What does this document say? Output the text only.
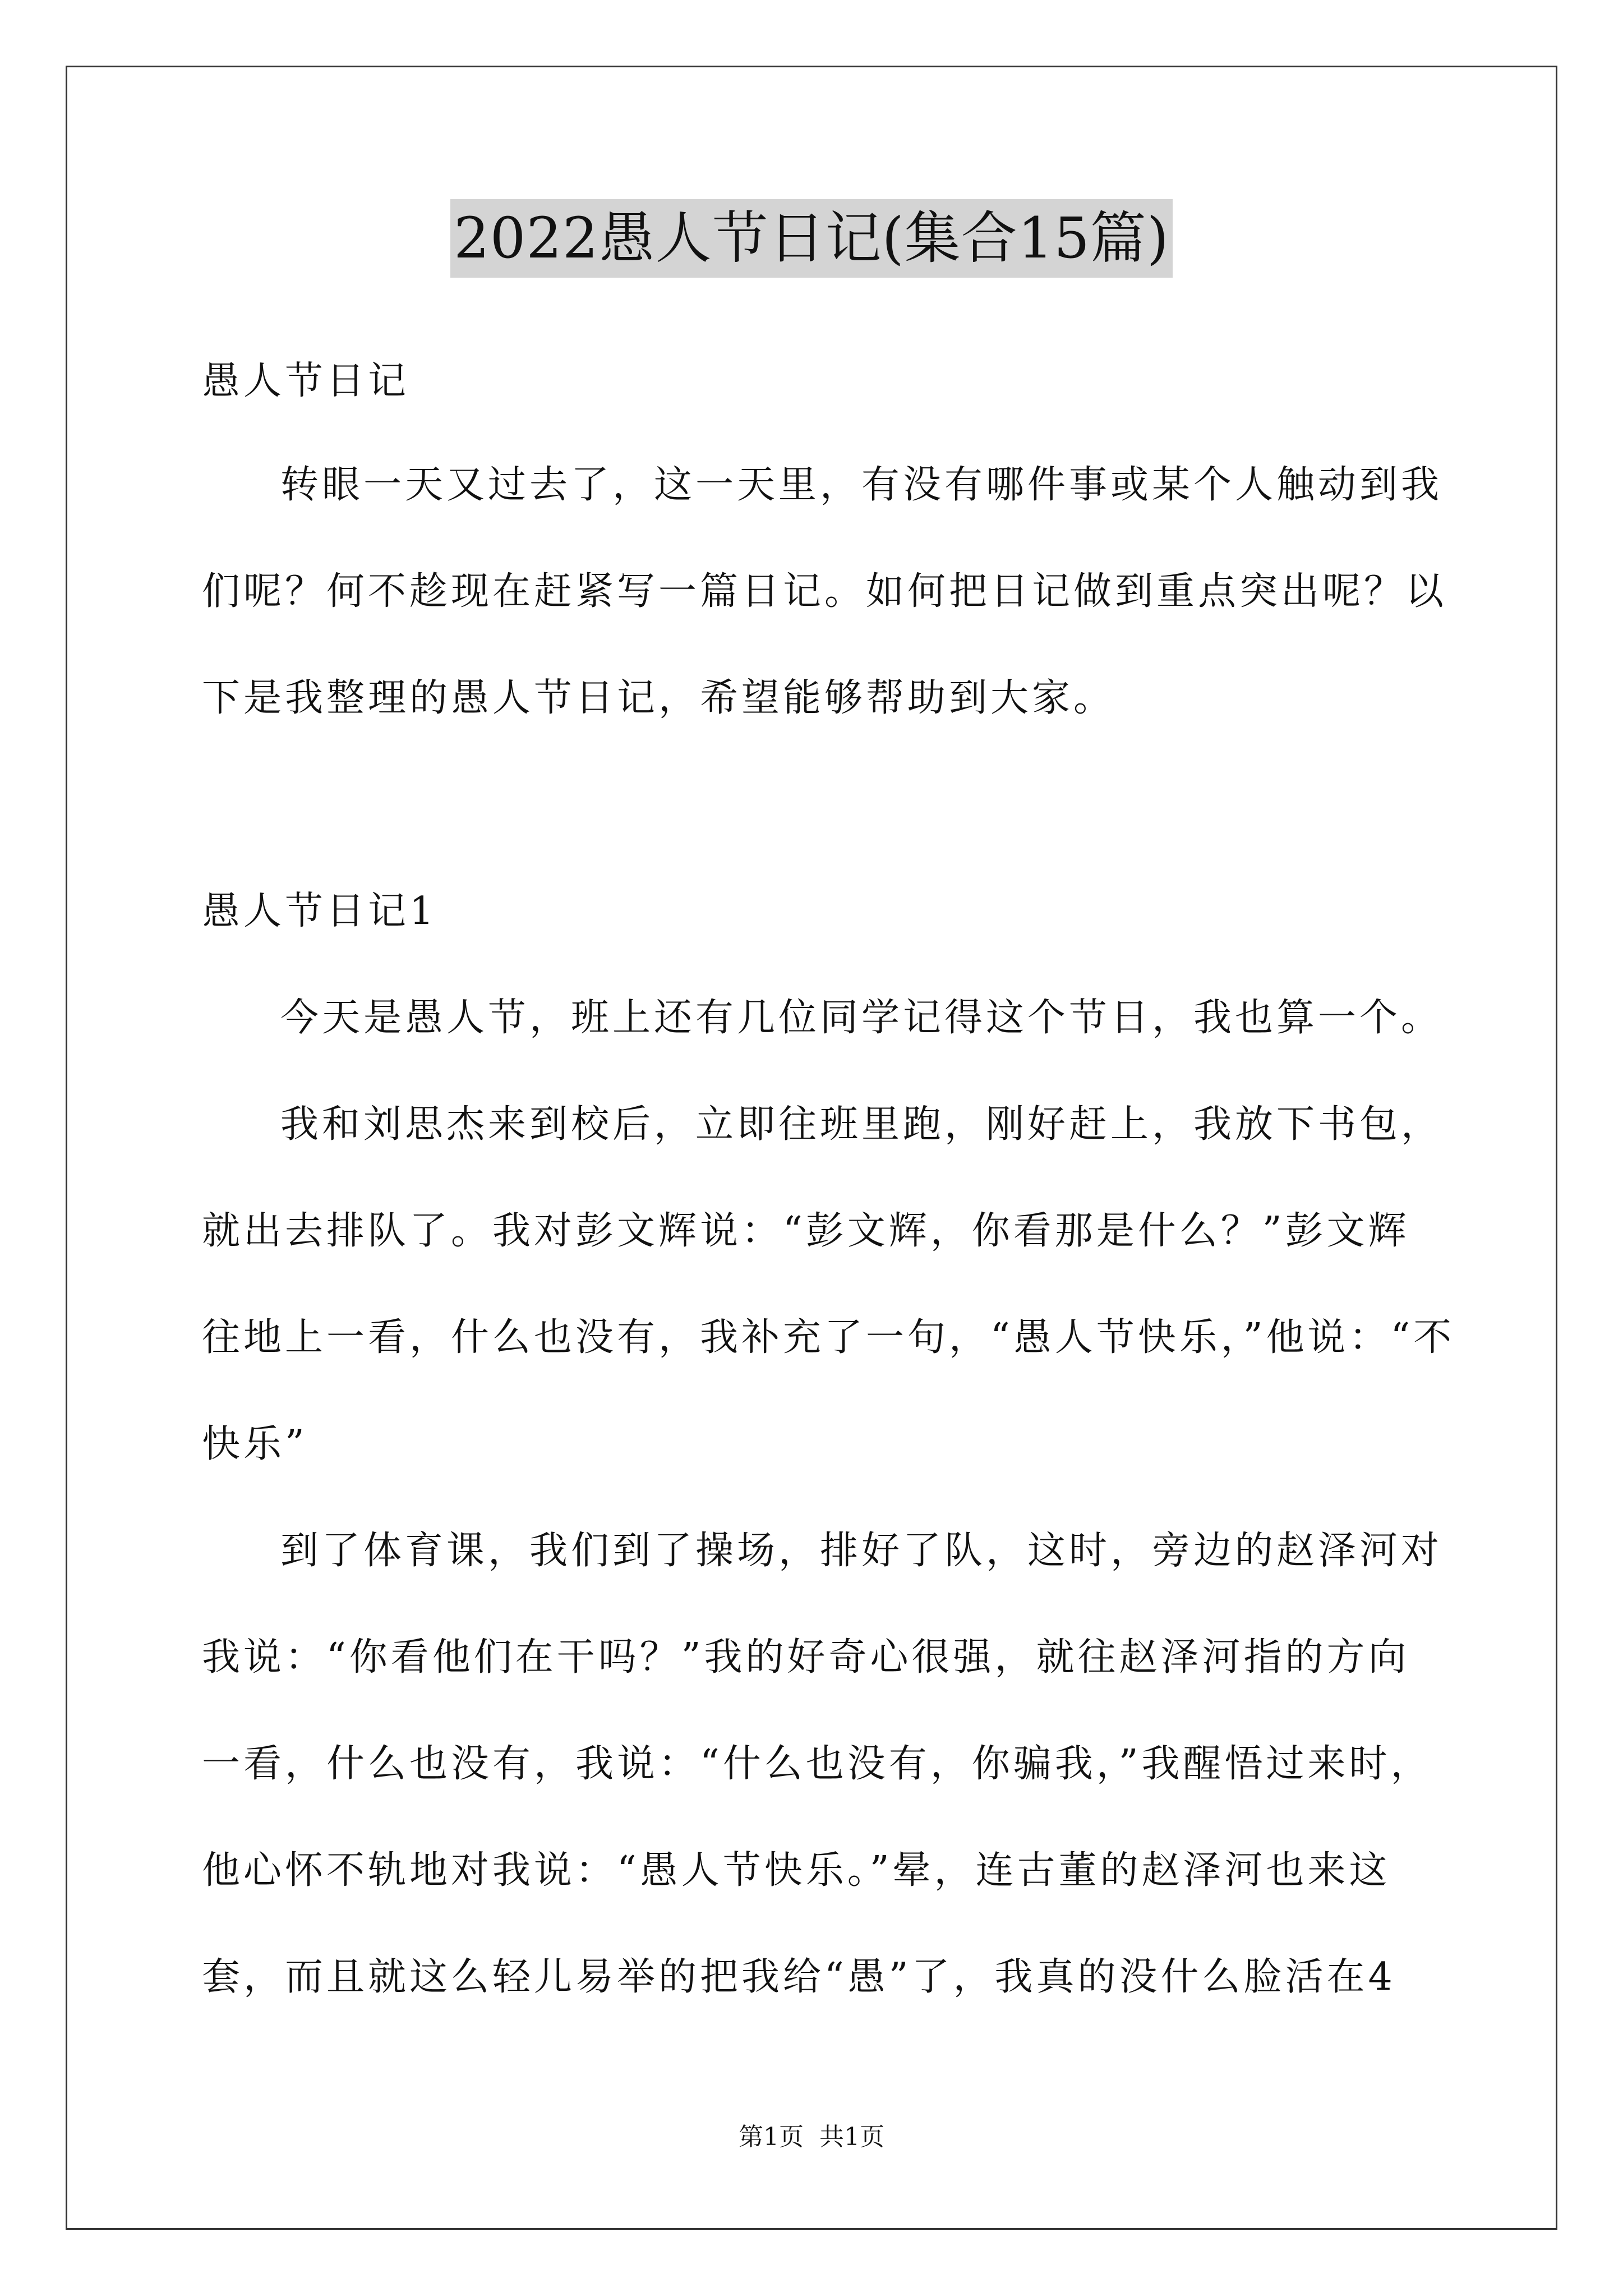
2022愚人节日记(集合15篇)
愚人节日记
转眼一天又过去了，这一天里，有没有哪件事或某个人触动到我
们呢？何不趁现在赶紧写一篇日记。如何把日记做到重点突出呢？以
下是我整理的愚人节日记，希望能够帮助到大家。
愚人节日记1
今天是愚人节，班上还有几位同学记得这个节日，我也算一个。
我和刘思杰来到校后，立即往班里跑，刚好赶上，我放下书包，
就出去排队了。我对彭文辉说：“彭文辉，你看那是什么？”彭文辉
往地上一看，什么也没有，我补充了一句，“愚人节快乐，”他说：“不
快乐”
到了体育课，我们到了操场，排好了队，这时，旁边的赵泽河对
我说：“你看他们在干吗？”我的好奇心很强，就往赵泽河指的方向
一看，什么也没有，我说：“什么也没有，你骗我，”我醒悟过来时，
他心怀不轨地对我说：“愚人节快乐。”晕，连古董的赵泽河也来这
套，而且就这么轻儿易举的把我给“愚”了，我真的没什么脸活在4
第1页 共1页
